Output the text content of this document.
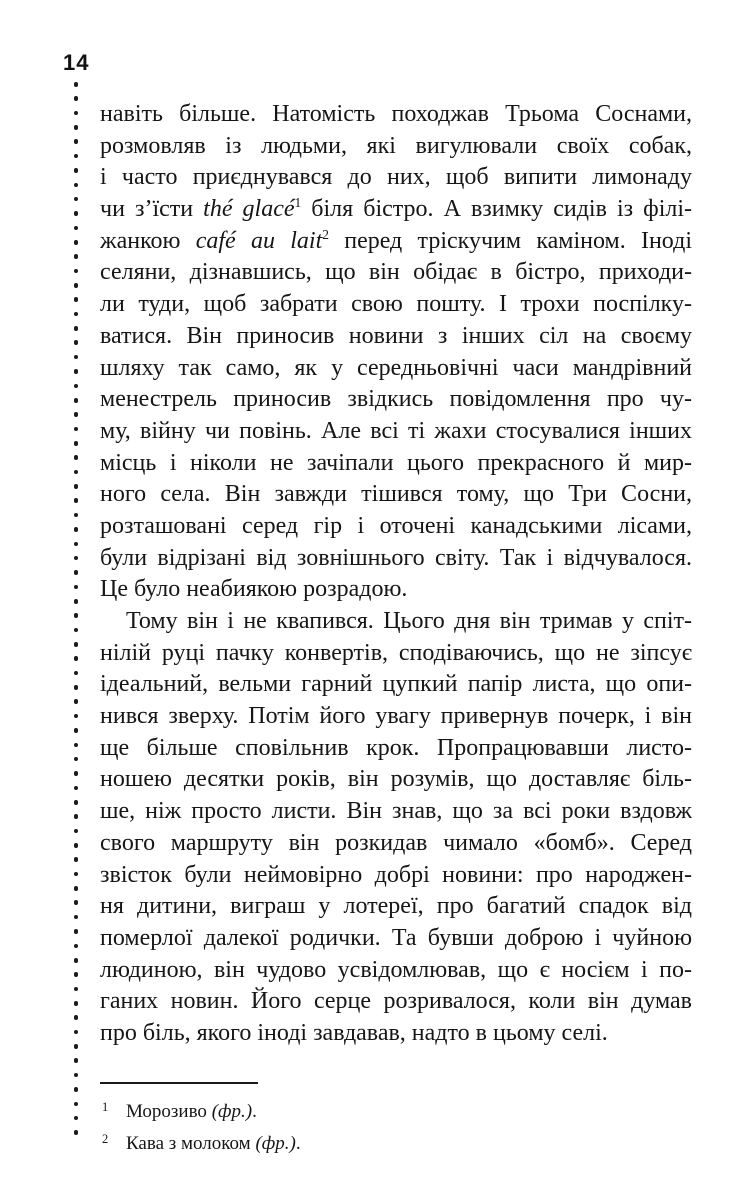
14
навіть більше. Натомість походжав Трьома Соснами,
розмовляв із людьми, які вигулювали своїх собак,
і часто приєднувався до них, щоб випити лимонаду
чи з’їсти thé glacé$^1$ біля бістро. А взимку сидів із філі-
жанкою café au lait$^2$ перед тріскучим каміном. Іноді
селяни, дізнавшись, що він обідає в бістро, приходи-
ли туди, щоб забрати свою пошту. І трохи поспілку-
ватися. Він приносив новини з інших сіл на своєму
шляху так само, як у середньовічні часи мандрівний
менестрель приносив звідкись повідомлення про чу-
му, війну чи повінь. Але всі ті жахи стосувалися інших
місць і ніколи не зачіпали цього прекрасного й мир-
ного села. Він завжди тішився тому, що Три Сосни,
розташовані серед гір і оточені канадськими лісами,
були відрізані від зовнішнього світу. Так і відчувалося.
Це було неабиякою розрадою.
Тому він і не квапився. Цього дня він тримав у спіт-
нілій руці пачку конвертів, сподіваючись, що не зіпсує
ідеальний, вельми гарний цупкий папір листа, що опи-
нився зверху. Потім його увагу привернув почерк, і він
ще більше сповільнив крок. Пропрацювавши листо-
ношею десятки років, він розумів, що доставляє біль-
ше, ніж просто листи. Він знав, що за всі роки вздовж
свого маршруту він розкидав чимало «бомб». Серед
звісток були неймовірно добрі новини: про народжен-
ня дитини, виграш у лотереї, про багатий спадок від
померлої далекої родички. Та бувши доброю і чуйною
людиною, він чудово усвідомлював, що є носієм і по-
ганих новин. Його серце розривалося, коли він думав
про біль, якого іноді завдавав, надто в цьому селі.
1 Морозиво (фр.).
2 Кава з молоком (фр.).
